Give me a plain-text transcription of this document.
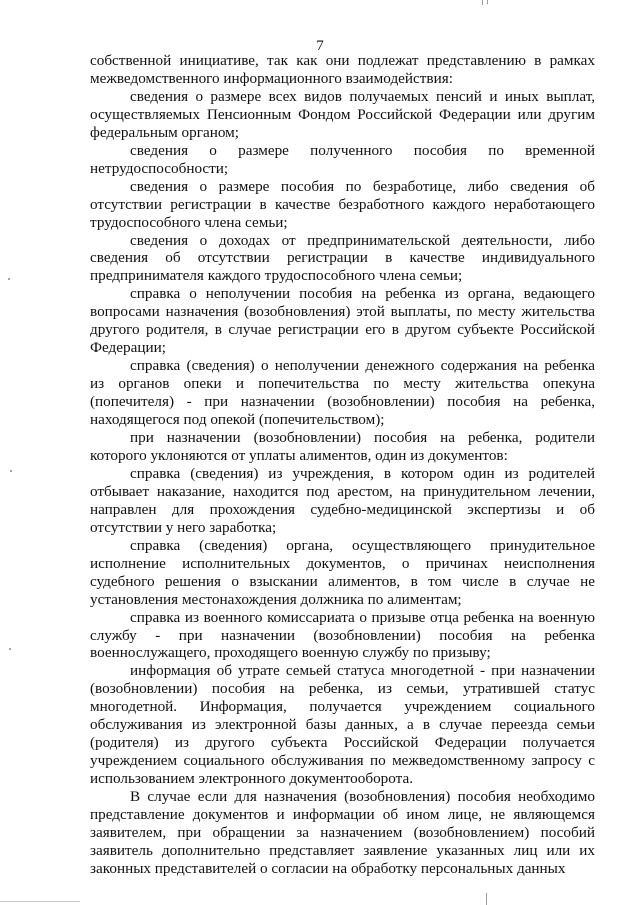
7

собственной инициативе, так как они подлежат представлению в рамках межведомственного информационного взаимодействия:

сведения о размере всех видов получаемых пенсий и иных выплат, осуществляемых Пенсионным Фондом Российской Федерации или другим федеральным органом;

сведения о размере полученного пособия по временной нетрудоспособности;

сведения о размере пособия по безработице, либо сведения об отсутствии регистрации в качестве безработного каждого неработающего трудоспособного члена семьи;

сведения о доходах от предпринимательской деятельности, либо сведения об отсутствии регистрации в качестве индивидуального предпринимателя каждого трудоспособного члена семьи;

справка о неполучении пособия на ребенка из органа, ведающего вопросами назначения (возобновления) этой выплаты, по месту жительства другого родителя, в случае регистрации его в другом субъекте Российской Федерации;

справка (сведения) о неполучении денежного содержания на ребенка из органов опеки и попечительства по месту жительства опекуна (попечителя) - при назначении (возобновлении) пособия на ребенка, находящегося под опекой (попечительством);

при назначении (возобновлении) пособия на ребенка, родители которого уклоняются от уплаты алиментов, один из документов:

справка (сведения) из учреждения, в котором один из родителей отбывает наказание, находится под арестом, на принудительном лечении, направлен для прохождения судебно-медицинской экспертизы и об отсутствии у него заработка;

справка (сведения) органа, осуществляющего принудительное исполнение исполнительных документов, о причинах неисполнения судебного решения о взыскании алиментов, в том числе в случае не установления местонахождения должника по алиментам;

справка из военного комиссариата о призыве отца ребенка на военную службу - при назначении (возобновлении) пособия на ребенка военнослужащего, проходящего военную службу по призыву;

информация об утрате семьей статуса многодетной - при назначении (возобновлении) пособия на ребенка, из семьи, утратившей статус многодетной. Информация, получается учреждением социального обслуживания из электронной базы данных, а в случае переезда семьи (родителя) из другого субъекта Российской Федерации получается учреждением социального обслуживания по межведомственному запросу с использованием электронного документооборота.

В случае если для назначения (возобновления) пособия необходимо представление документов и информации об ином лице, не являющемся заявителем, при обращении за назначением (возобновлением) пособий заявитель дополнительно представляет заявление указанных лиц или их законных представителей о согласии на обработку персональных данных
